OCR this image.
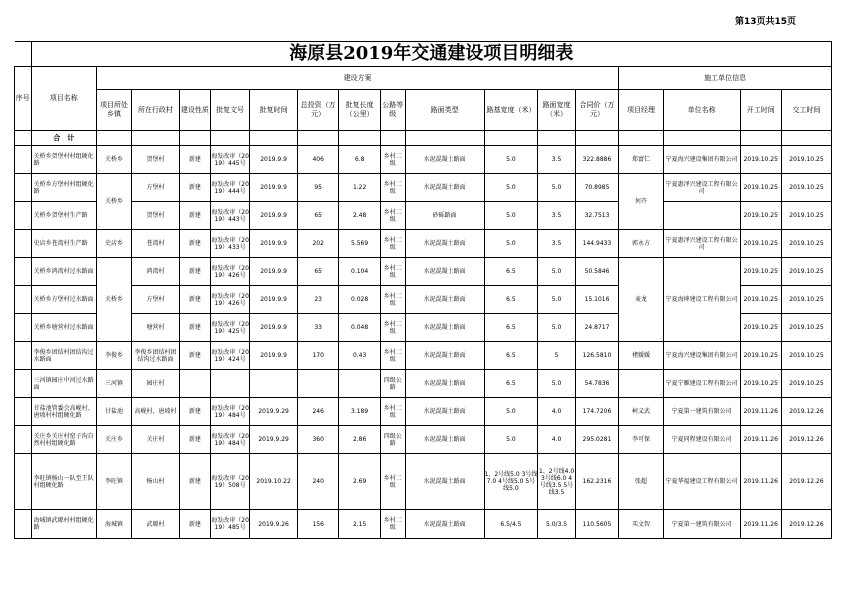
第13页共15页
	海原县2019年交通建设项目明细表																
序号	项目名称	建设方案												施工单位信息			
		项目所处乡镇	所在行政村	建设性质	批复文号	批复时间	总投资（万元）	批复长度（公里）	公路等级	路面类型	路基宽度（米）	路面宽度（米）	合同价（万元）	项目经理	单位名称	开工时间	交工时间
	合　计																
	关桥乡贺堡村村组硬化路	关桥乡	贺堡村	新建	海发改审（2019）445号	2019.9.9	406	6.8	乡村二级	水泥混凝土路面	5.0	3.5	322.8886	郑富仁	宁夏海兴建设集团有限公司	2019.10.25	2019.10.25
	关桥乡方堡村村组硬化路	关桥乡	方堡村	新建	海发改审（2019）444号	2019.9.9	95	1.22	乡村二级	水泥混凝土路面	5.0	5.0	70.8985	何卉	宁夏惠泽兴建设工程有限公司	2019.10.25	2019.10.25
	关桥乡贺堡村生产路		贺堡村	新建	海发改审（2019）443号	2019.9.9	65	2.48	乡村二级	砂砾路面	5.0	3.5	32.7513			2019.10.25	2019.10.25
	史店乡苍湾村生产路	史店乡	苍湾村	新建	海发改审（2019）433号	2019.9.9	202	5.569	乡村二级	水泥混凝土路面	5.0	3.5	144.9433	郭永方	宁夏惠泽兴建设工程有限公司	2019.10.25	2019.10.25
	关桥乡鸿湾村过水路面	关桥乡	鸿湾村	新建	海发改审（2019）426号	2019.9.9	65	0.104	乡村二级	水泥混凝土路面	6.5	5.0	50.5846	麦龙	宁夏海坤建设工程有限公司	2019.10.25	2019.10.25
	关桥乡方堡村过水路面		方堡村	新建	海发改审（2019）426号	2019.9.9	23	0.028	乡村二级	水泥混凝土路面	6.5	5.0	15.1016			2019.10.25	2019.10.25
	关桥乡塘营村过水路面		塘营村	新建	海发改审（2019）425号	2019.9.9	33	0.048	乡村二级	水泥混凝土路面	6.5	5.0	24.8717			2019.10.25	2019.10.25
	李俊乡团结村团结沟过水路面	李俊乡	李俊乡团结村团结沟过水路面	新建	海发改审（2019）424号	2019.9.9	170	0.43	乡村二级	水泥混凝土路面	6.5	5	126.5810	褚媛媛	宁夏海兴建设集团有限公司	2019.10.25	2019.10.25
	三河镇园庄中河过水路面	三河镇	园庄村						四级公路	水泥混凝土路面	6.5	5.0	54.7836		宁夏宁雁建设工程有限公司	2019.10.25	2019.10.25
	甘盐池管委会高岘村、唐坡村村组硬化路	甘盐池	高岘村、唐坡村	新建	海发改审（2019）484号	2019.9.29	246	3.189	乡村二级	水泥混凝土路面	5.0	4.0	174.7206	柯义武	宁夏第一建筑有限公司	2019.11.26	2019.12.26
	关庄乡关庄村窑子沟自然村村组硬化路	关庄乡	关庄村	新建	海发改审（2019）484号	2019.9.29	360	2.86	四级公路	水泥混凝土路面	5.0	4.0	295.0281	李可保	宁夏同程建设有限公司	2019.11.26	2019.12.26
	李旺镇杨山一队至王队村组硬化路	李旺镇	杨山村	新建	海发改审（2019）508号	2019.10.22	240	2.69	乡村二级	水泥混凝土路面	1、2号线5.0 3号线7.0 4号线5.0 5号线5.0	1、2号线4.0 3号线6.0 4号线3.5 5号线3.5	162.2316	张超	宁夏华福建设工程有限公司	2019.11.26	2019.12.26
	海城镇武塬村村组硬化路	海城镇	武塬村	新建	海发改审（2019）485号	2019.9.26	156	2.15	乡村二级	水泥混凝土路面	6.5/4.5	5.0/3.5	110.5605	买文智	宁夏第一建筑有限公司	2019.11.26	2019.12.26
